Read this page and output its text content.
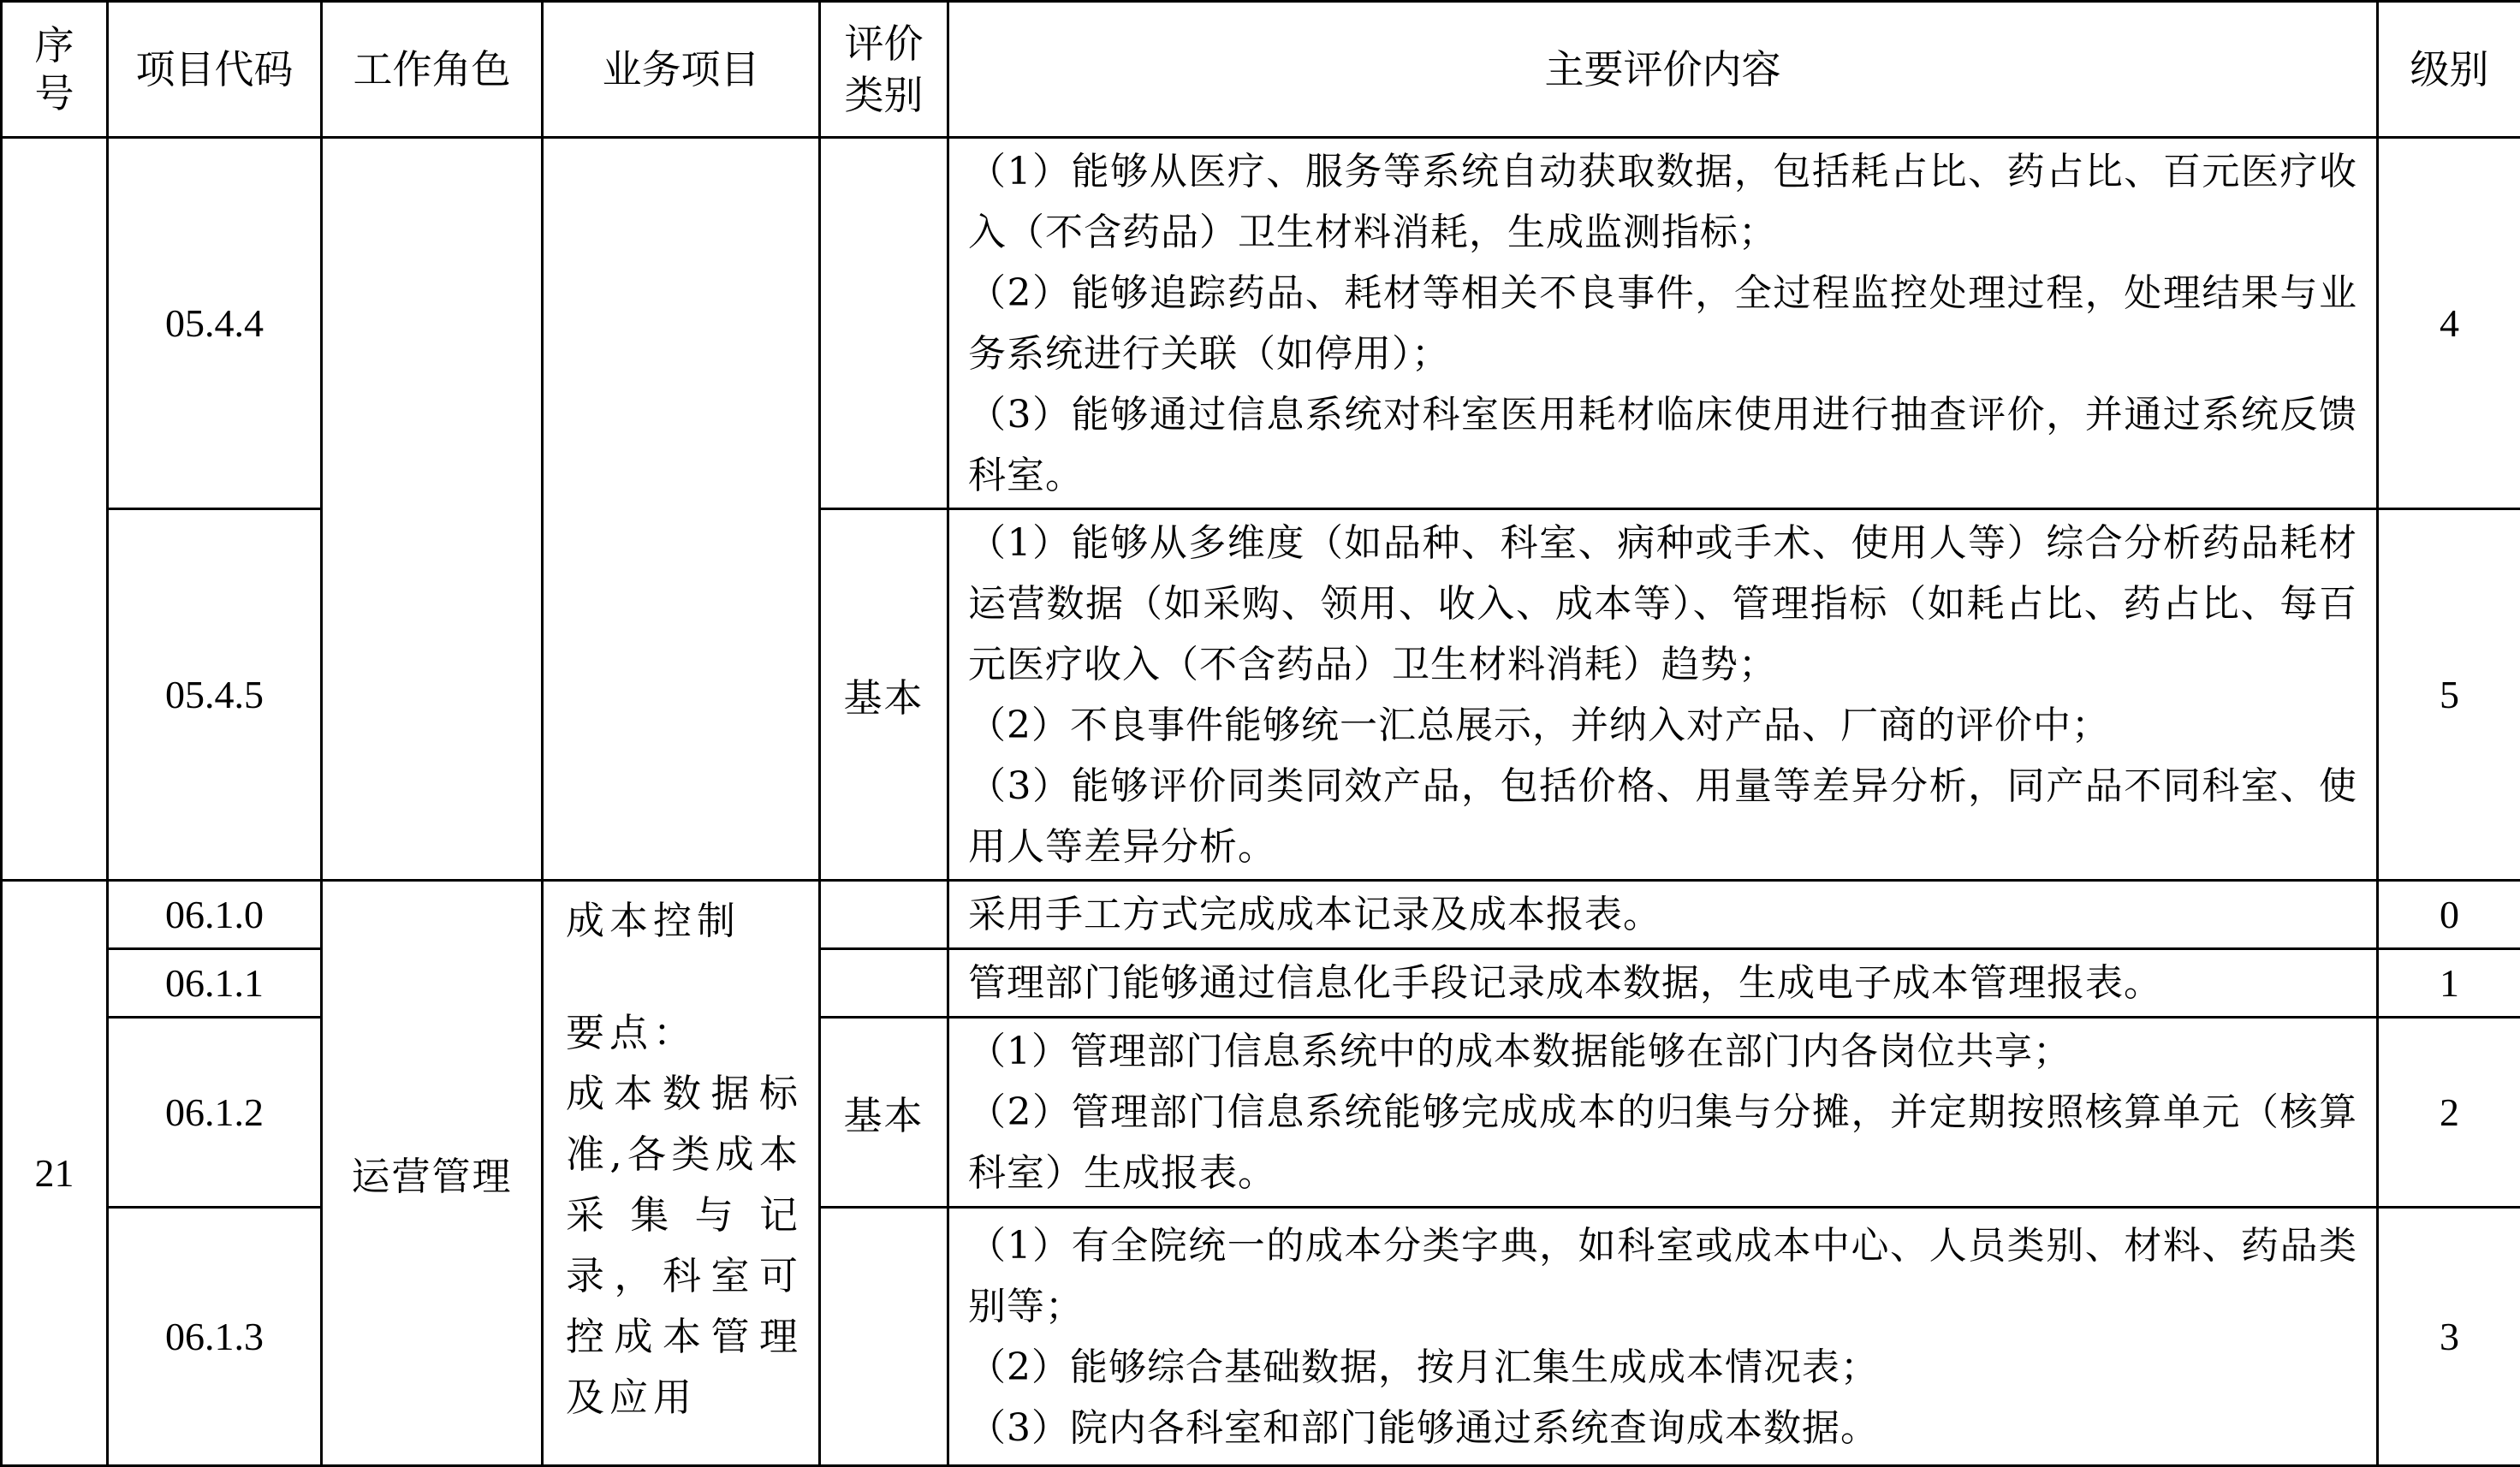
序号	项目代码	工作角色	业务项目	评价类别	主要评价内容	级别
	05.4.4				（1）能够从医疗、服务等系统自动获取数据，包括耗占比、药占比、百元医疗收入（不含药品）卫生材料消耗，生成监测指标；
（2）能够追踪药品、耗材等相关不良事件，全过程监控处理过程，处理结果与业务系统进行关联（如停用）；
（3）能够通过信息系统对科室医用耗材临床使用进行抽查评价，并通过系统反馈科室。	4
	05.4.5			基本	（1）能够从多维度（如品种、科室、病种或手术、使用人等）综合分析药品耗材运营数据（如采购、领用、收入、成本等）、管理指标（如耗占比、药占比、每百元医疗收入（不含药品）卫生材料消耗）趋势；
（2）不良事件能够统一汇总展示，并纳入对产品、厂商的评价中；
（3）能够评价同类同效产品，包括价格、用量等差异分析，同产品不同科室、使用人等差异分析。	5
21	06.1.0	运营管理	成本控制
要点：
成本数据标准,各类成本采集与记录，科室可控成本管理及应用		采用手工方式完成成本记录及成本报表。	0
	06.1.1				管理部门能够通过信息化手段记录成本数据，生成电子成本管理报表。	1
	06.1.2			基本	（1）管理部门信息系统中的成本数据能够在部门内各岗位共享；
（2）管理部门信息系统能够完成成本的归集与分摊，并定期按照核算单元（核算科室）生成报表。	2
	06.1.3				（1）有全院统一的成本分类字典，如科室或成本中心、人员类别、材料、药品类别等；
（2）能够综合基础数据，按月汇集生成成本情况表；
（3）院内各科室和部门能够通过系统查询成本数据。	3
